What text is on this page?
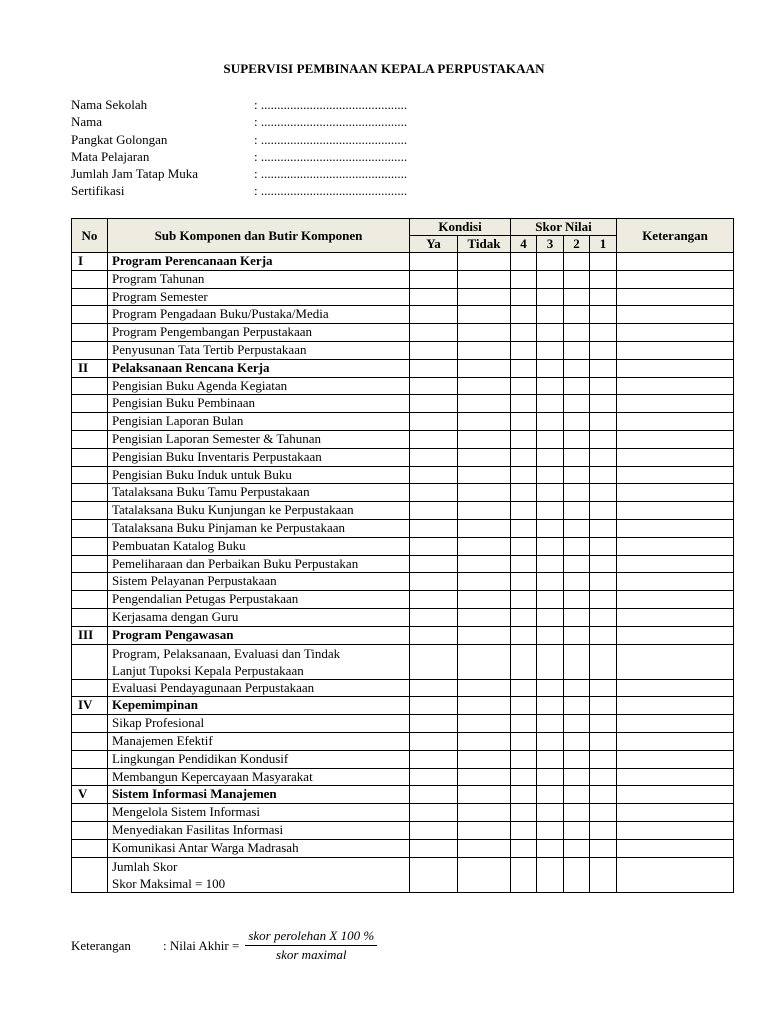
SUPERVISI PEMBINAAN KEPALA PERPUSTAKAAN
Nama Sekolah	: .............................................
Nama	: .............................................
Pangkat Golongan	: .............................................
Mata Pelajaran	: .............................................
Jumlah Jam Tatap Muka	: .............................................
Sertifikasi	: .............................................
No	Sub Komponen dan Butir Komponen	Kondisi		Skor Nilai				Keterangan
		Ya	Tidak	4	3	2	1	
I	Program Perencanaan Kerja							
	Program Tahunan							
	Program Semester							
	Program Pengadaan Buku/Pustaka/Media							
	Program Pengembangan Perpustakaan							
	Penyusunan Tata Tertib Perpustakaan							
II	Pelaksanaan Rencana Kerja							
	Pengisian Buku Agenda Kegiatan							
	Pengisian Buku Pembinaan							
	Pengisian Laporan Bulan							
	Pengisian Laporan Semester & Tahunan							
	Pengisian Buku Inventaris Perpustakaan							
	Pengisian Buku Induk untuk Buku							
	Tatalaksana Buku Tamu Perpustakaan							
	Tatalaksana Buku Kunjungan ke Perpustakaan							
	Tatalaksana Buku Pinjaman ke Perpustakaan							
	Pembuatan Katalog Buku							
	Pemeliharaan dan Perbaikan Buku Perpustakan							
	Sistem Pelayanan Perpustakaan							
	Pengendalian Petugas Perpustakaan							
	Kerjasama dengan Guru							
III	Program Pengawasan							

	Program, Pelaksanaan, Evaluasi dan Tindak
Lanjut Tupoksi Kepala Perpustakaan							

	Evaluasi Pendayagunaan Perpustakaan							
IV	Kepemimpinan							
	Sikap Profesional							
	Manajemen Efektif							
	Lingkungan Pendidikan Kondusif							
	Membangun Kepercayaan Masyarakat							
V	Sistem Informasi Manajemen							
	Mengelola Sistem Informasi							
	Menyediakan Fasilitas Informasi							
	Komunikasi Antar Warga Madrasah							

	Jumlah Skor
Skor Maksimal = 100							

Keterangan	: Nilai Akhir = $\frac{\text{skor perolehan X 100 \%}}{\text{skor maximal}}$
